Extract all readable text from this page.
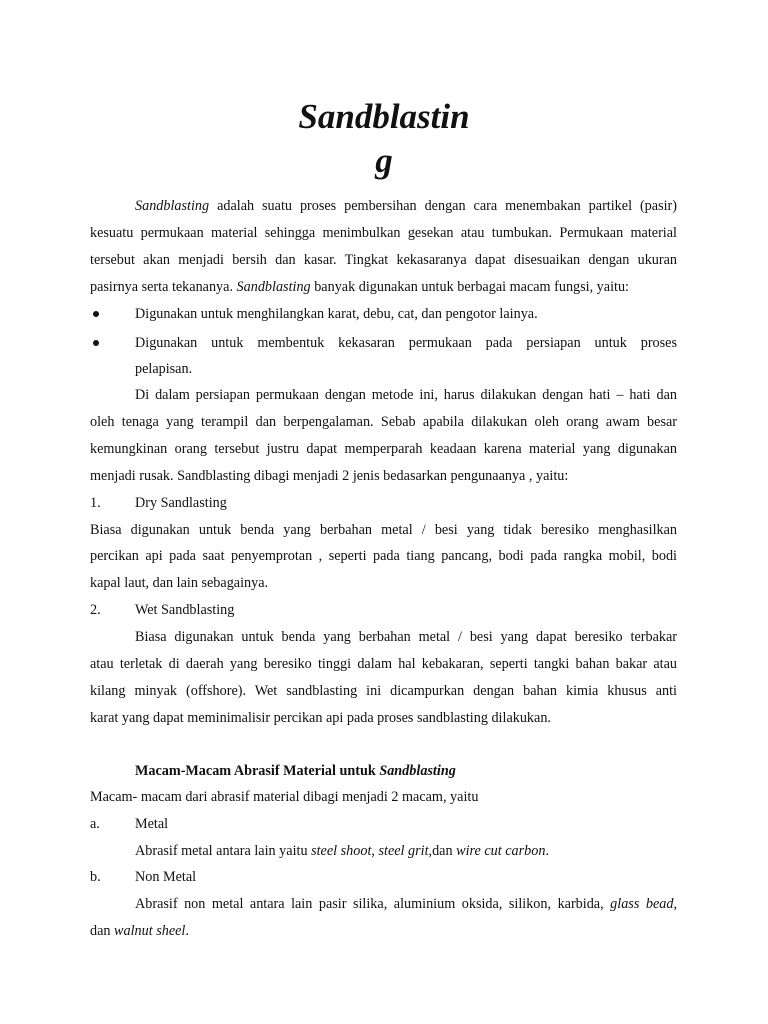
Sandblastin
g
Sandblasting adalah suatu proses pembersihan dengan cara menembakan partikel (pasir)
kesuatu permukaan material sehingga menimbulkan gesekan atau tumbukan. Permukaan material
tersebut akan menjadi bersih dan kasar. Tingkat kekasaranya dapat disesuaikan dengan ukuran
pasirnya serta tekananya. Sandblasting banyak digunakan untuk berbagai macam fungsi, yaitu:
Digunakan untuk menghilangkan karat, debu, cat, dan pengotor lainya.
Digunakan untuk membentuk kekasaran permukaan pada persiapan untuk proses
pelapisan.
Di dalam persiapan permukaan dengan metode ini, harus dilakukan dengan hati – hati dan
oleh tenaga yang terampil dan berpengalaman. Sebab apabila dilakukan oleh orang awam besar
kemungkinan orang tersebut justru dapat memperparah keadaan karena material yang digunakan
menjadi rusak. Sandblasting dibagi menjadi 2 jenis bedasarkan pengunaanya , yaitu:
1. Dry Sandlasting
Biasa digunakan untuk benda yang berbahan metal / besi yang tidak beresiko menghasilkan
percikan api pada saat penyemprotan , seperti pada tiang pancang, bodi pada rangka mobil, bodi
kapal laut, dan lain sebagainya.
2. Wet Sandblasting
Biasa digunakan untuk benda yang berbahan metal / besi yang dapat beresiko terbakar
atau terletak di daerah yang beresiko tinggi dalam hal kebakaran, seperti tangki bahan bakar atau
kilang minyak (offshore). Wet sandblasting ini dicampurkan dengan bahan kimia khusus anti
karat yang dapat meminimalisir percikan api pada proses sandblasting dilakukan.
Macam-Macam Abrasif Material untuk Sandblasting
Macam- macam dari abrasif material dibagi menjadi 2 macam, yaitu
a. Metal
Abrasif metal antara lain yaitu steel shoot, steel grit,dan wire cut carbon.
b. Non Metal
Abrasif non metal antara lain pasir silika, aluminium oksida, silikon, karbida, glass bead,
dan walnut sheel.
